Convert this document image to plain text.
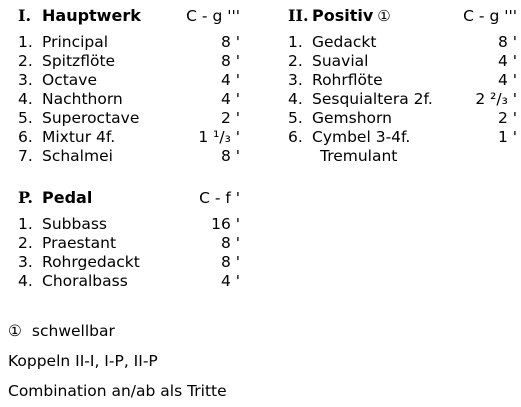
I. Hauptwerk	C - g '''
1. Principal	8 '
2. Spitzflöte	8 '
3. Octave	4 '
4. Nachthorn	4 '
5. Superoctave	2 '
6. Mixtur 4f.	1 ¹/₃ '
7. Schalmei	8 '
II. Positiv ①	C - g '''
1. Gedackt	8 '
2. Suavial	4 '
3. Rohrflöte	4 '
4. Sesquialtera 2f.	2 ²/₃ '
5. Gemshorn	2 '
6. Cymbel 3-4f.	1 '
Tremulant
P. Pedal	C - f '
1. Subbass	16 '
2. Praestant	8 '
3. Rohrgedackt	8 '
4. Choralbass	4 '
① schwellbar
Koppeln II-I, I-P, II-P
Combination an/ab als Tritte
